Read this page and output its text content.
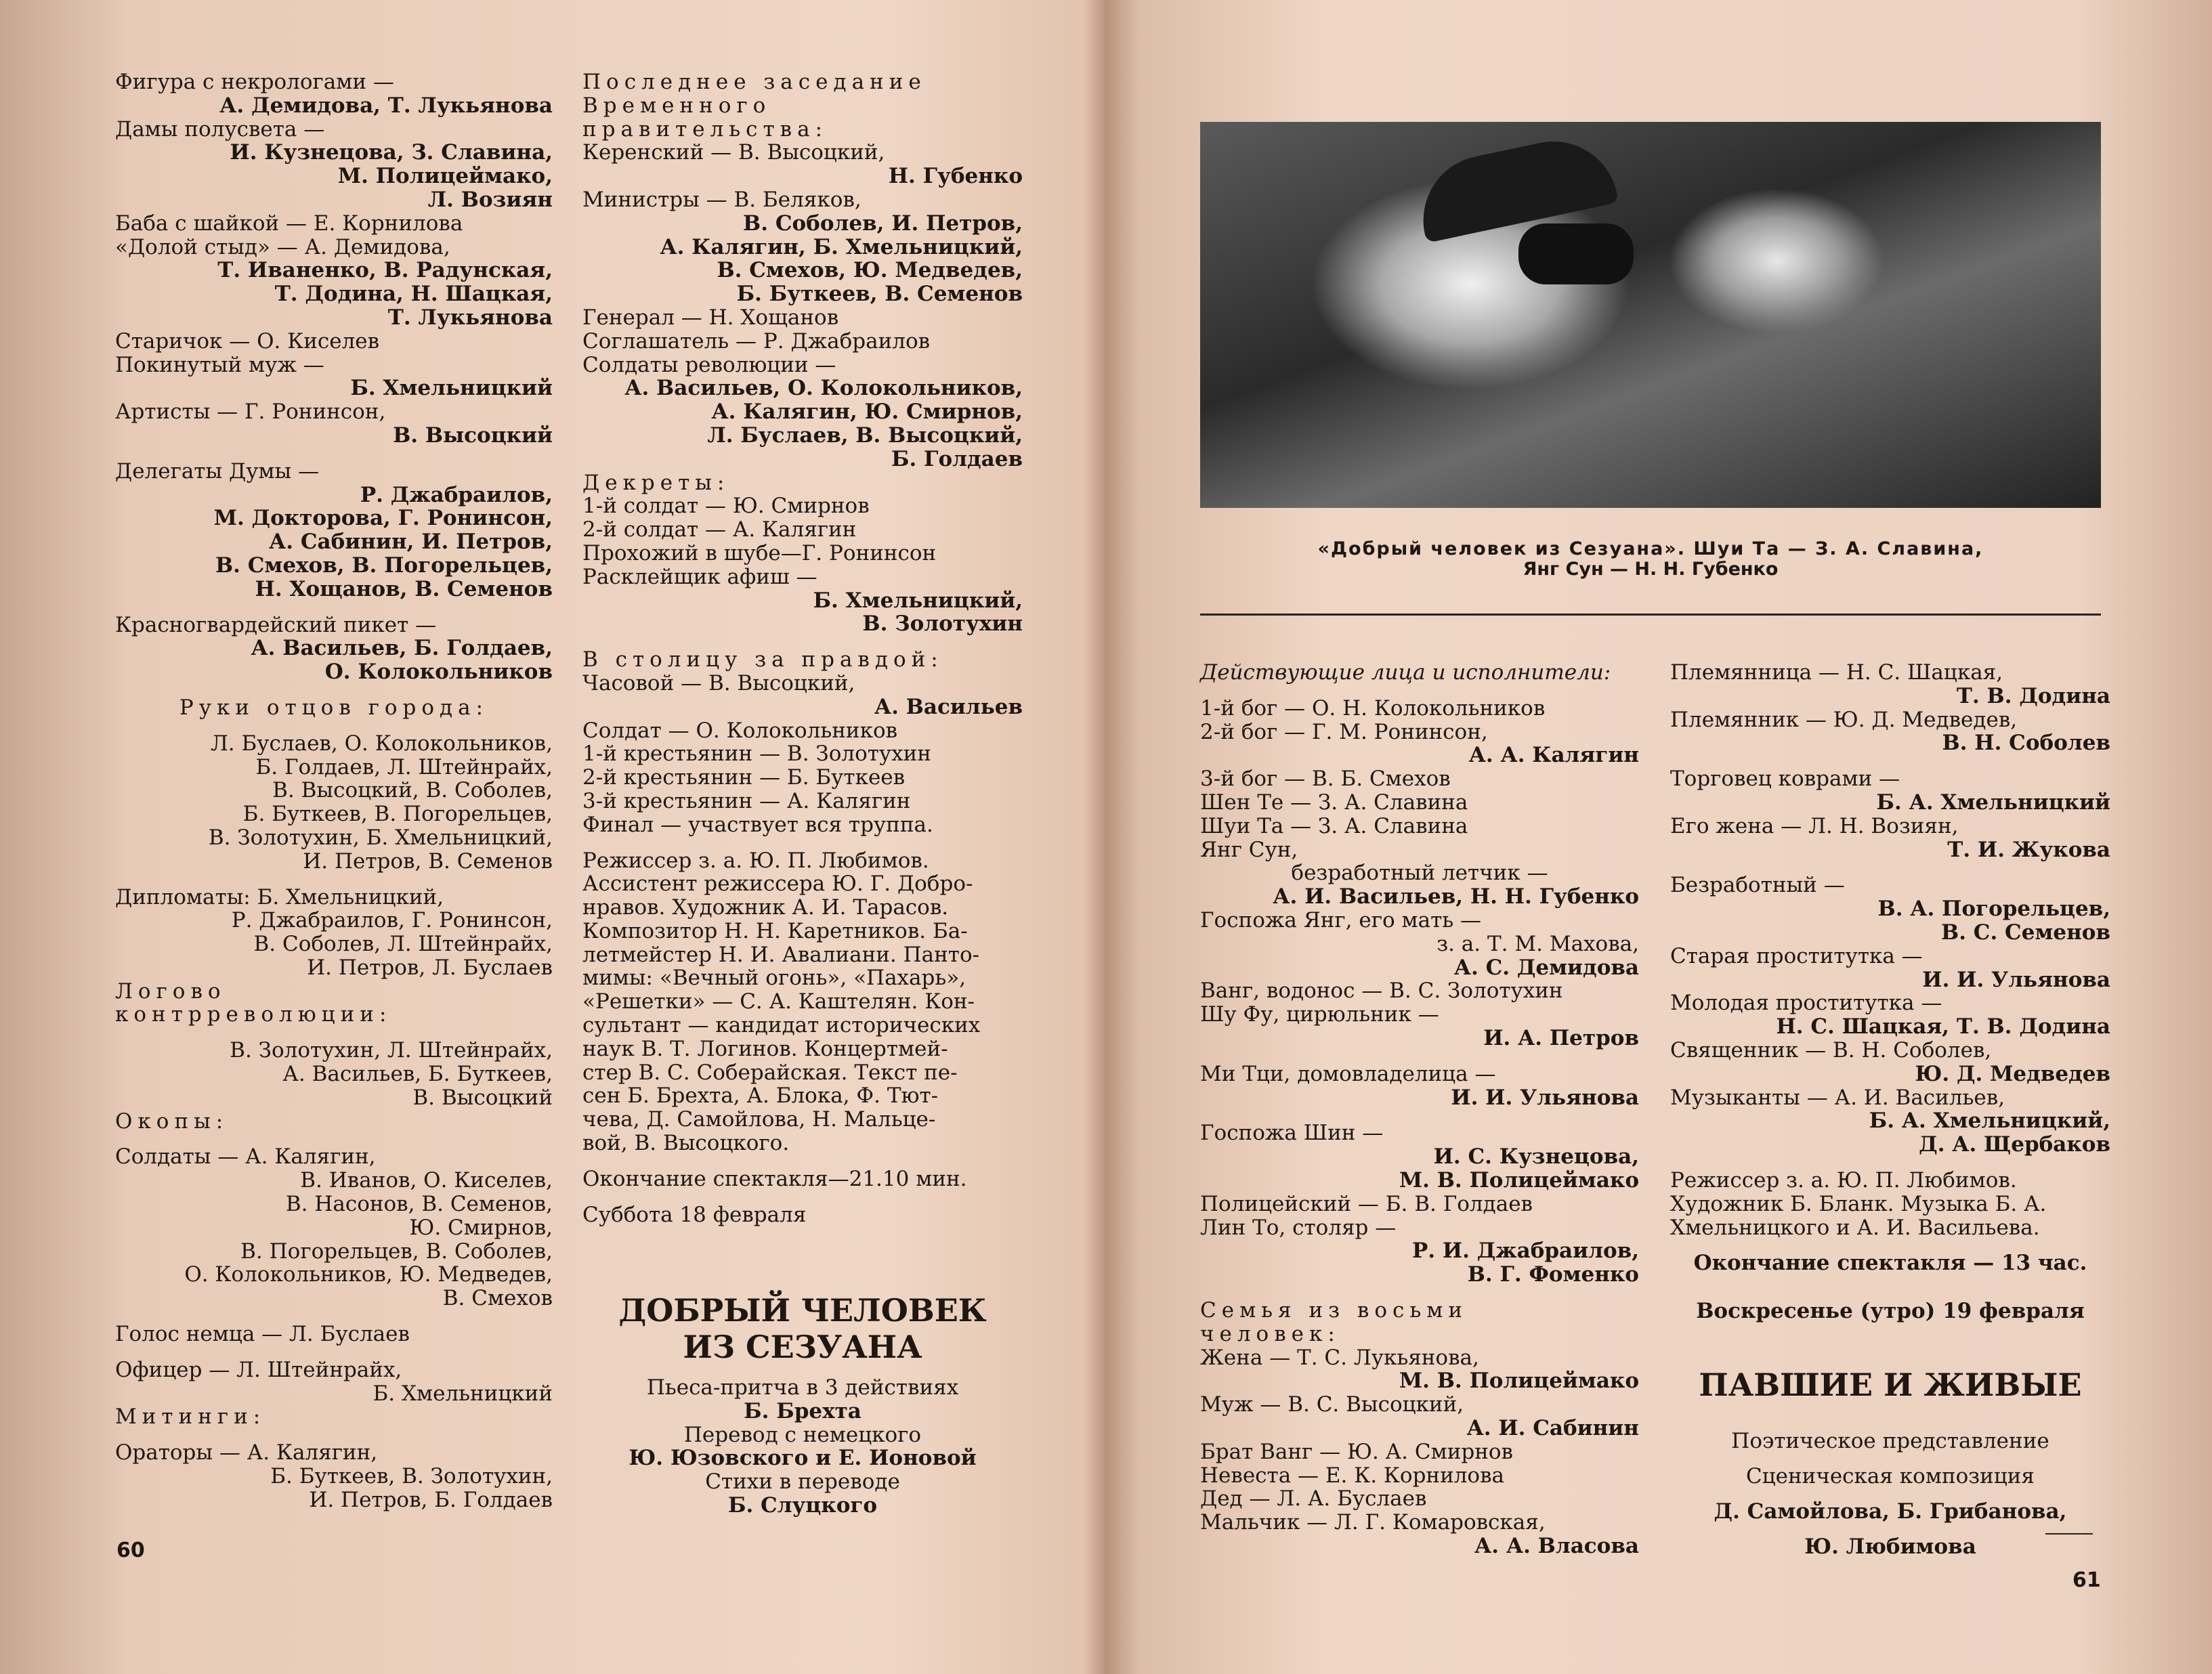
Фигура с некрологами —
А. Демидова, Т. Лукьянова
Дамы полусвета —
И. Кузнецова, З. Славина,
М. Полицеймако,
Л. Возиян
Баба с шайкой — Е. Корнилова
«Долой стыд» — А. Демидова,
Т. Иваненко, В. Радунская,
Т. Додина, Н. Шацкая,
Т. Лукьянова
Старичок — О. Киселев
Покинутый муж —
Б. Хмельницкий
Артисты — Г. Ронинсон,
В. Высоцкий
Делегаты Думы —
Р. Джабраилов,
М. Докторова, Г. Ронинсон,
А. Сабинин, И. Петров,
В. Смехов, В. Погорельцев,
Н. Хощанов, В. Семенов
Красногвардейский пикет —
А. Васильев, Б. Голдаев,
О. Колокольников
Руки отцов города:
Л. Буслаев, О. Колокольников,
Б. Голдаев, Л. Штейнрайх,
В. Высоцкий, В. Соболев,
Б. Буткеев, В. Погорельцев,
В. Золотухин, Б. Хмельницкий,
И. Петров, В. Семенов
Дипломаты: Б. Хмельницкий,
Р. Джабраилов, Г. Ронинсон,
В. Соболев, Л. Штейнрайх,
И. Петров, Л. Буслаев
Логово
контрреволюции:
В. Золотухин, Л. Штейнрайх,
А. Васильев, Б. Буткеев,
В. Высоцкий
Окопы:
Солдаты — А. Калягин,
В. Иванов, О. Киселев,
В. Насонов, В. Семенов,
Ю. Смирнов,
В. Погорельцев, В. Соболев,
О. Колокольников, Ю. Медведев,
В. Смехов
Голос немца — Л. Буслаев
Офицер — Л. Штейнрайх,
Б. Хмельницкий
Митинги:
Ораторы — А. Калягин,
Б. Буткеев, В. Золотухин,
И. Петров, Б. Голдаев
Последнее заседание
Временного
правительства:
Керенский — В. Высоцкий,
Н. Губенко
Министры — В. Беляков,
В. Соболев, И. Петров,
А. Калягин, Б. Хмельницкий,
В. Смехов, Ю. Медведев,
Б. Буткеев, В. Семенов
Генерал — Н. Хощанов
Соглашатель — Р. Джабраилов
Солдаты революции —
А. Васильев, О. Колокольников,
А. Калягин, Ю. Смирнов,
Л. Буслаев, В. Высоцкий,
Б. Голдаев
Декреты:
1-й солдат — Ю. Смирнов
2-й солдат — А. Калягин
Прохожий в шубе—Г. Ронинсон
Расклейщик афиш —
Б. Хмельницкий,
В. Золотухин
В столицу за правдой:
Часовой — В. Высоцкий,
А. Васильев
Солдат — О. Колокольников
1-й крестьянин — В. Золотухин
2-й крестьянин — Б. Буткеев
3-й крестьянин — А. Калягин
Финал — участвует вся труппа.
Режиссер з. а. Ю. П. Любимов.
Ассистент режиссера Ю. Г. Добро-
нравов. Художник А. И. Тарасов.
Композитор Н. Н. Каретников. Ба-
летмейстер Н. И. Авалиани. Панто-
мимы: «Вечный огонь», «Пахарь»,
«Решетки» — С. А. Каштелян. Кон-
сультант — кандидат исторических
наук В. Т. Логинов. Концертмей-
стер В. С. Соберайская. Текст пе-
сен Б. Брехта, А. Блока, Ф. Тют-
чева, Д. Самойлова, Н. Мальце-
вой, В. Высоцкого.
Окончание спектакля—21.10 мин.
Суббота 18 февраля
ДОБРЫЙ ЧЕЛОВЕК
ИЗ СЕЗУАНА
Пьеса-притча в 3 действиях
Б. Брехта
Перевод с немецкого
Ю. Юзовского и Е. Ионовой
Стихи в переводе
Б. Слуцкого
60
«Добрый человек из Сезуана». Шуи Та — З. А. Славина,
Янг Сун — Н. Н. Губенко
Действующие лица и исполнители:
1-й бог — О. Н. Колокольников
2-й бог — Г. М. Ронинсон,
А. А. Калягин
3-й бог — В. Б. Смехов
Шен Те — З. А. Славина
Шуи Та — З. А. Славина
Янг Сун,
безработный летчик —
А. И. Васильев, Н. Н. Губенко
Госпожа Янг, его мать —
з. а. Т. М. Махова,
А. С. Демидова
Ванг, водонос — В. С. Золотухин
Шу Фу, цирюльник —
И. А. Петров
Ми Тци, домовладелица —
И. И. Ульянова
Госпожа Шин —
И. С. Кузнецова,
М. В. Полицеймако
Полицейский — Б. В. Голдаев
Лин То, столяр —
Р. И. Джабраилов,
В. Г. Фоменко
Семья из восьми
человек:
Жена — Т. С. Лукьянова,
М. В. Полицеймако
Муж — В. С. Высоцкий,
А. И. Сабинин
Брат Ванг — Ю. А. Смирнов
Невеста — Е. К. Корнилова
Дед — Л. А. Буслаев
Мальчик — Л. Г. Комаровская,
А. А. Власова
Племянница — Н. С. Шацкая,
Т. В. Додина
Племянник — Ю. Д. Медведев,
В. Н. Соболев
Торговец коврами —
Б. А. Хмельницкий
Его жена — Л. Н. Возиян,
Т. И. Жукова
Безработный —
В. А. Погорельцев,
В. С. Семенов
Старая проститутка —
И. И. Ульянова
Молодая проститутка —
Н. С. Шацкая, Т. В. Додина
Священник — В. Н. Соболев,
Ю. Д. Медведев
Музыканты — А. И. Васильев,
Б. А. Хмельницкий,
Д. А. Щербаков
Режиссер з. а. Ю. П. Любимов.
Художник Б. Бланк. Музыка Б. А.
Хмельницкого и А. И. Васильева.
Окончание спектакля — 13 час.
Воскресенье (утро) 19 февраля
ПАВШИЕ И ЖИВЫЕ
Поэтическое представление
Сценическая композиция
Д. Самойлова, Б. Грибанова,
Ю. Любимова
61
